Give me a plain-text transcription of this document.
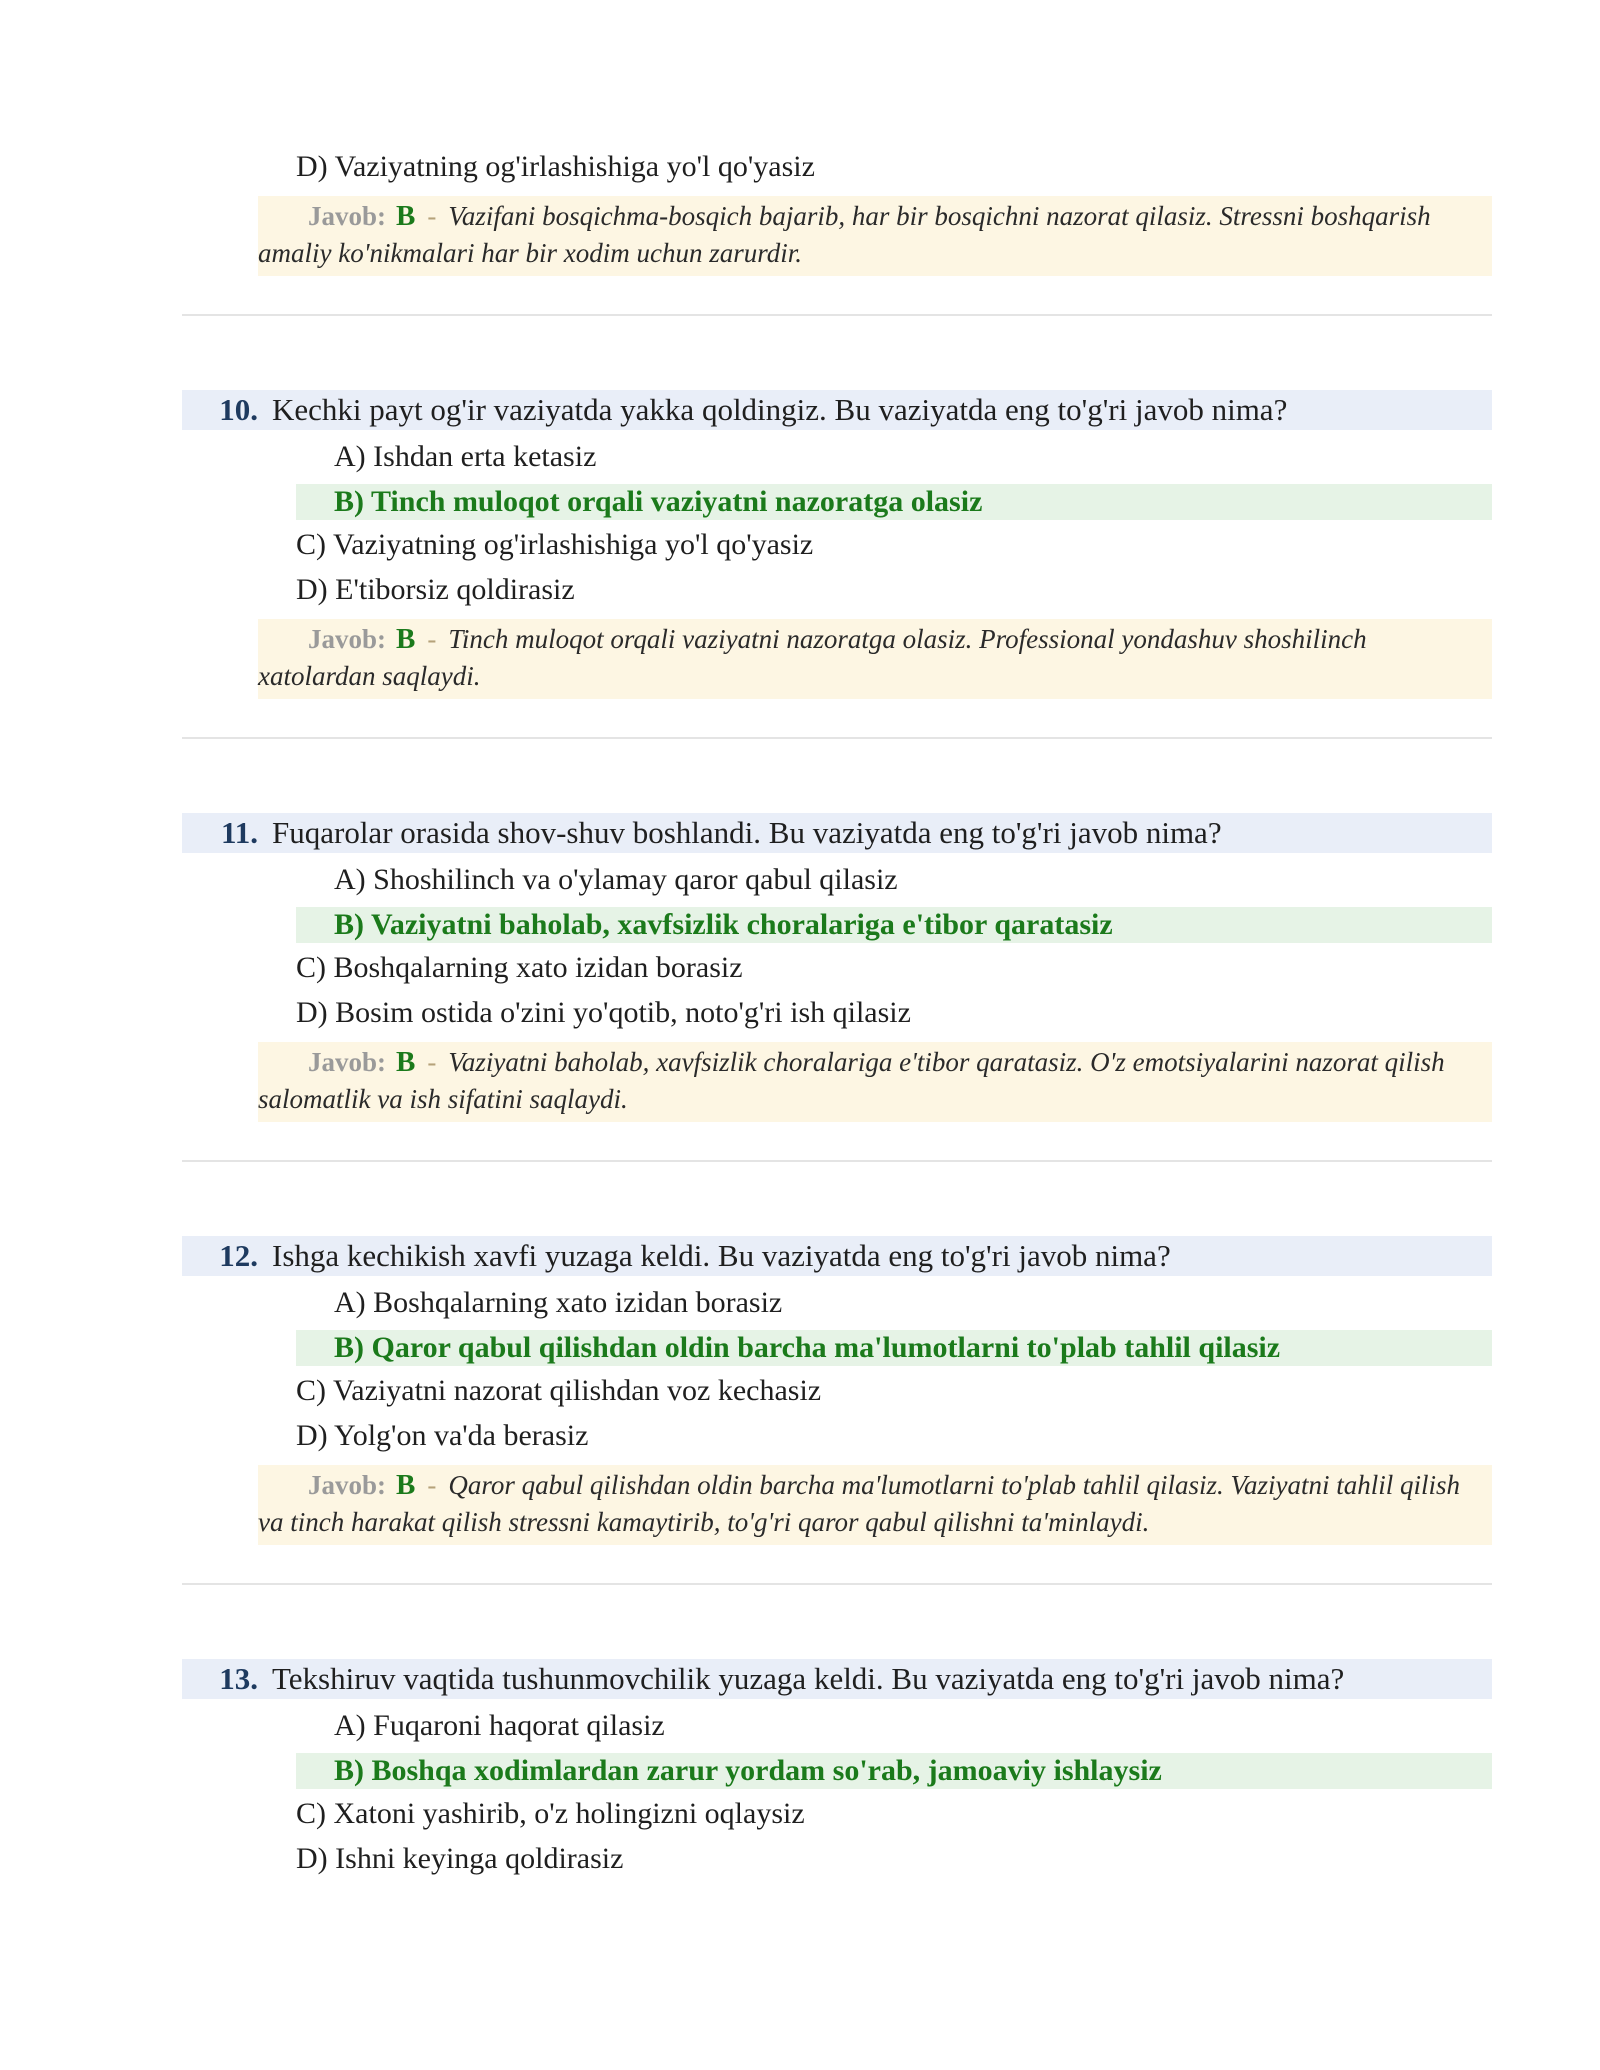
D) Vaziyatning og'irlashishiga yo'l qo'yasiz
Javob: B - Vazifani bosqichma-bosqich bajarib, har bir bosqichni nazorat qilasiz. Stressni boshqarish amaliy ko'nikmalari har bir xodim uchun zarurdir.
10. Kechki payt og'ir vaziyatda yakka qoldingiz. Bu vaziyatda eng to'g'ri javob nima?
A) Ishdan erta ketasiz
B) Tinch muloqot orqali vaziyatni nazoratga olasiz
C) Vaziyatning og'irlashishiga yo'l qo'yasiz
D) E'tiborsiz qoldirasiz
Javob: B - Tinch muloqot orqali vaziyatni nazoratga olasiz. Professional yondashuv shoshilinch xatolardan saqlaydi.
11. Fuqarolar orasida shov-shuv boshlandi. Bu vaziyatda eng to'g'ri javob nima?
A) Shoshilinch va o'ylamay qaror qabul qilasiz
B) Vaziyatni baholab, xavfsizlik choralariga e'tibor qaratasiz
C) Boshqalarning xato izidan borasiz
D) Bosim ostida o'zini yo'qotib, noto'g'ri ish qilasiz
Javob: B - Vaziyatni baholab, xavfsizlik choralariga e'tibor qaratasiz. O'z emotsiyalarini nazorat qilish salomatlik va ish sifatini saqlaydi.
12. Ishga kechikish xavfi yuzaga keldi. Bu vaziyatda eng to'g'ri javob nima?
A) Boshqalarning xato izidan borasiz
B) Qaror qabul qilishdan oldin barcha ma'lumotlarni to'plab tahlil qilasiz
C) Vaziyatni nazorat qilishdan voz kechasiz
D) Yolg'on va'da berasiz
Javob: B - Qaror qabul qilishdan oldin barcha ma'lumotlarni to'plab tahlil qilasiz. Vaziyatni tahlil qilish va tinch harakat qilish stressni kamaytirib, to'g'ri qaror qabul qilishni ta'minlaydi.
13. Tekshiruv vaqtida tushunmovchilik yuzaga keldi. Bu vaziyatda eng to'g'ri javob nima?
A) Fuqaroni haqorat qilasiz
B) Boshqa xodimlardan zarur yordam so'rab, jamoaviy ishlaysiz
C) Xatoni yashirib, o'z holingizni oqlaysiz
D) Ishni keyinga qoldirasiz
